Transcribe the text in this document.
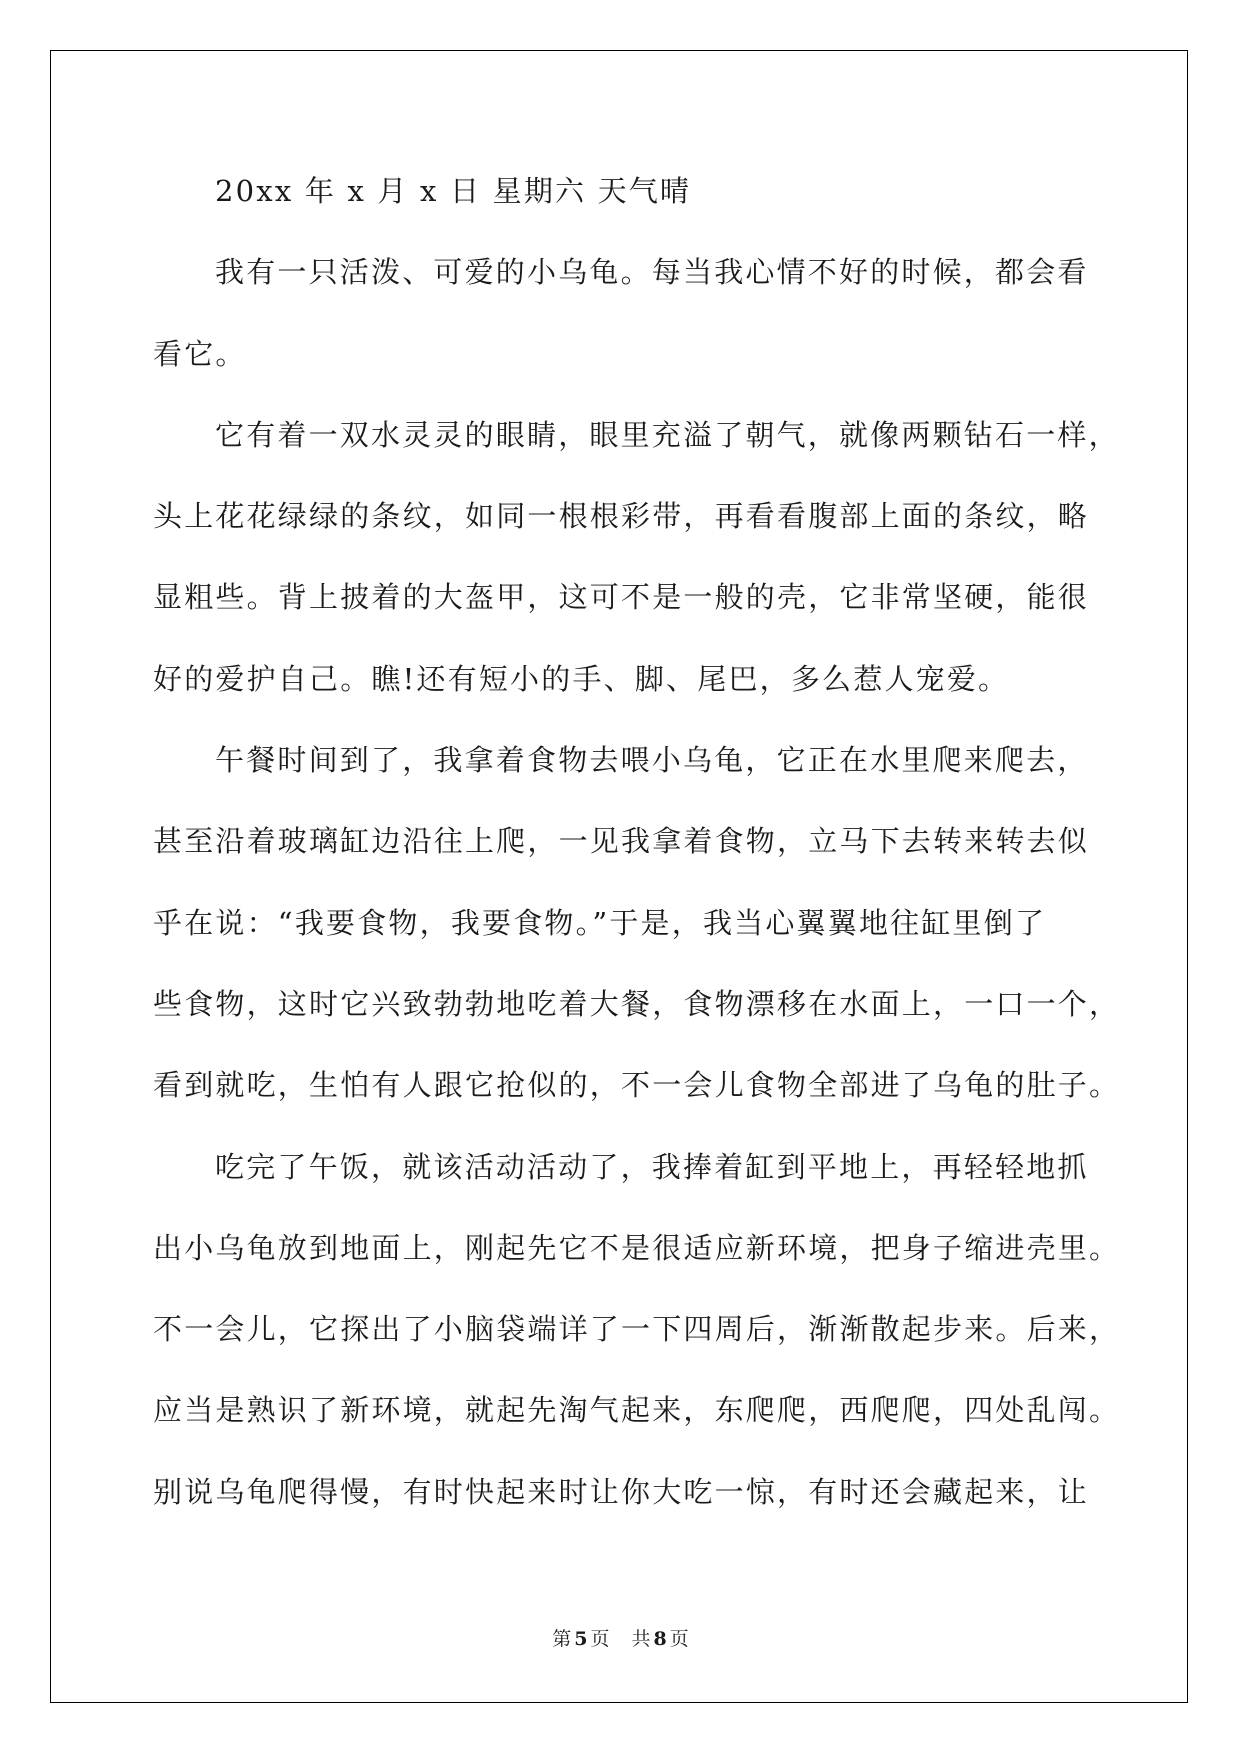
20xx 年 x 月 x 日 星期六 天气晴
我有一只活泼、可爱的小乌龟。每当我心情不好的时候，都会看
看它。
它有着一双水灵灵的眼睛，眼里充溢了朝气，就像两颗钻石一样，
头上花花绿绿的条纹，如同一根根彩带，再看看腹部上面的条纹，略
显粗些。背上披着的大盔甲，这可不是一般的壳，它非常坚硬，能很
好的爱护自己。瞧!还有短小的手、脚、尾巴，多么惹人宠爱。
午餐时间到了，我拿着食物去喂小乌龟，它正在水里爬来爬去，
甚至沿着玻璃缸边沿往上爬，一见我拿着食物，立马下去转来转去似
乎在说：“我要食物，我要食物。”于是，我当心翼翼地往缸里倒了
些食物，这时它兴致勃勃地吃着大餐，食物漂移在水面上，一口一个，
看到就吃，生怕有人跟它抢似的，不一会儿食物全部进了乌龟的肚子。
吃完了午饭，就该活动活动了，我捧着缸到平地上，再轻轻地抓
出小乌龟放到地面上，刚起先它不是很适应新环境，把身子缩进壳里。
不一会儿，它探出了小脑袋端详了一下四周后，渐渐散起步来。后来，
应当是熟识了新环境，就起先淘气起来，东爬爬，西爬爬，四处乱闯。
别说乌龟爬得慢，有时快起来时让你大吃一惊，有时还会藏起来，让
第 5 页 共 8 页
